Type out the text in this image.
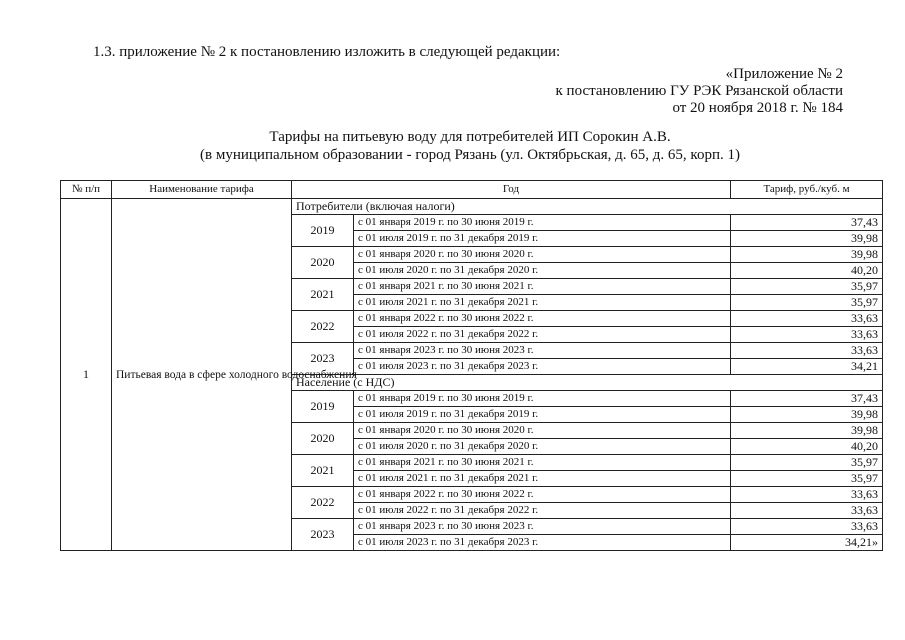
1.3. приложение № 2 к постановлению изложить в следующей редакции:
«Приложение № 2
к постановлению ГУ РЭК Рязанской области
от 20 ноября 2018 г. № 184
Тарифы на питьевую воду для потребителей ИП Сорокин А.В.
(в муниципальном образовании - город Рязань (ул. Октябрьская, д. 65, д. 65, корп. 1)
№ п/п	Наименование тарифа	Год		Тариф, руб./куб. м
1	Питьевая вода в сфере холодного водоснабжения	Потребители (включая налоги)		
		2019	с 01 января 2019 г. по 30 июня 2019 г.	37,43
			с 01 июля 2019 г. по 31 декабря 2019 г.	39,98
		2020	с 01 января 2020 г. по 30 июня 2020 г.	39,98
			с 01 июля 2020 г. по 31 декабря 2020 г.	40,20
		2021	с 01 января 2021 г. по 30 июня 2021 г.	35,97
			с 01 июля 2021 г. по 31 декабря 2021 г.	35,97
		2022	с 01 января 2022 г. по 30 июня 2022 г.	33,63
			с 01 июля 2022 г. по 31 декабря 2022 г.	33,63
		2023	с 01 января 2023 г. по 30 июня 2023 г.	33,63
			с 01 июля 2023 г. по 31 декабря 2023 г.	34,21
		Население (с НДС)		
		2019	с 01 января 2019 г. по 30 июня 2019 г.	37,43
			с 01 июля 2019 г. по 31 декабря 2019 г.	39,98
		2020	с 01 января 2020 г. по 30 июня 2020 г.	39,98
			с 01 июля 2020 г. по 31 декабря 2020 г.	40,20
		2021	с 01 января 2021 г. по 30 июня 2021 г.	35,97
			с 01 июля 2021 г. по 31 декабря 2021 г.	35,97
		2022	с 01 января 2022 г. по 30 июня 2022 г.	33,63
			с 01 июля 2022 г. по 31 декабря 2022 г.	33,63
		2023	с 01 января 2023 г. по 30 июня 2023 г.	33,63
			с 01 июля 2023 г. по 31 декабря 2023 г.	34,21»
